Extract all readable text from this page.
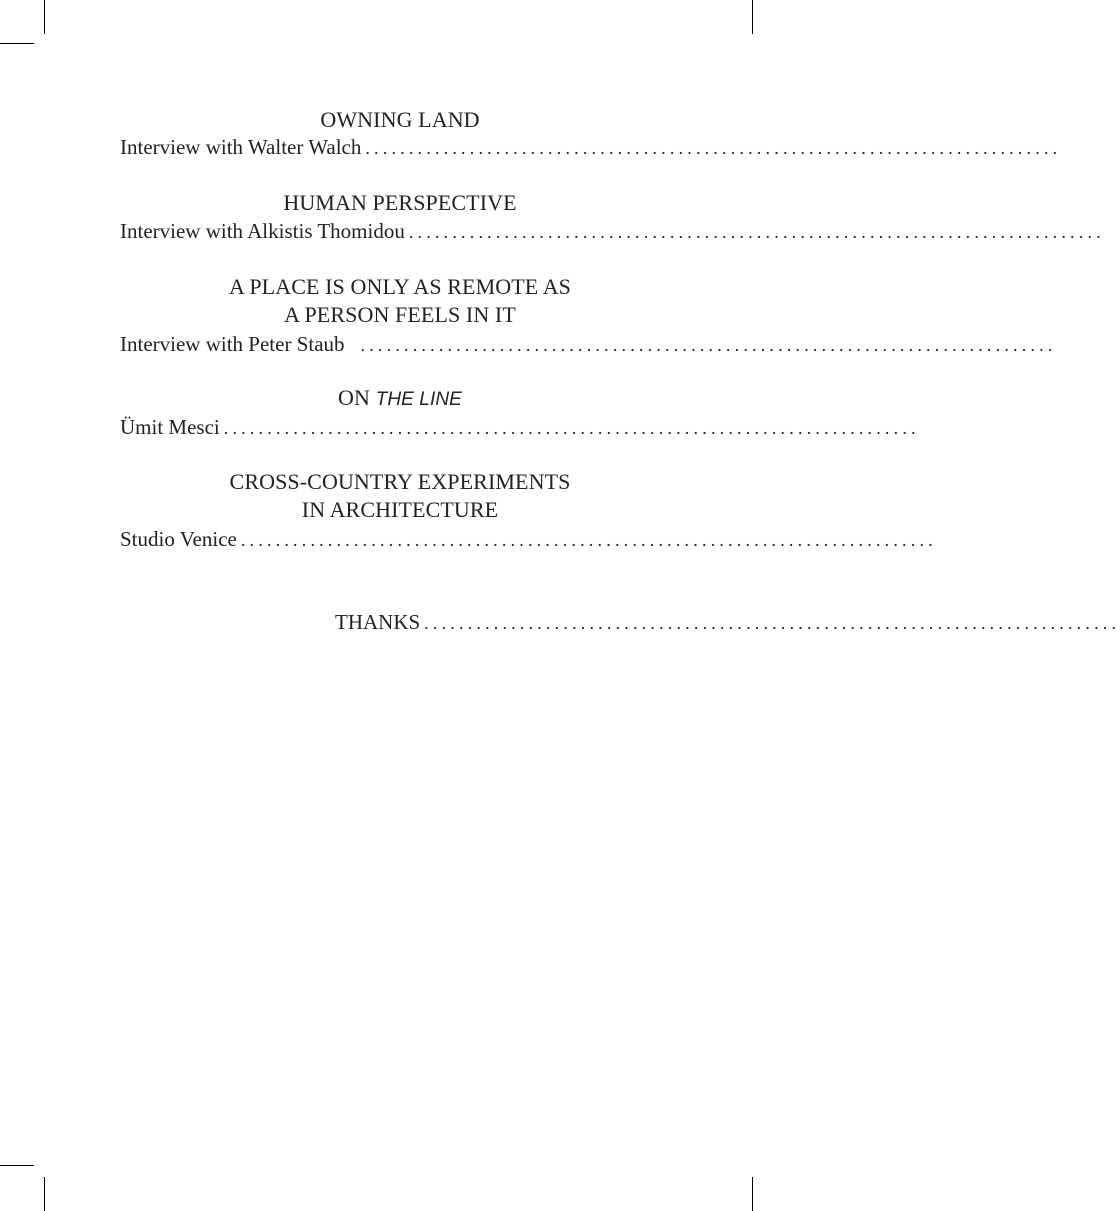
OWNING LAND
Interview with Walter Walch ................................................................................
HUMAN PERSPECTIVE
Interview with Alkistis Thomidou ................................................................................
A PLACE IS ONLY AS REMOTE AS
A PERSON FEELS IN IT
Interview with Peter Staub ................................................................................
ON THE LINE
Ümit Mesci ................................................................................
CROSS-COUNTRY EXPERIMENTS
IN ARCHITECTURE
Studio Venice ................................................................................
THANKS ................................................................................
